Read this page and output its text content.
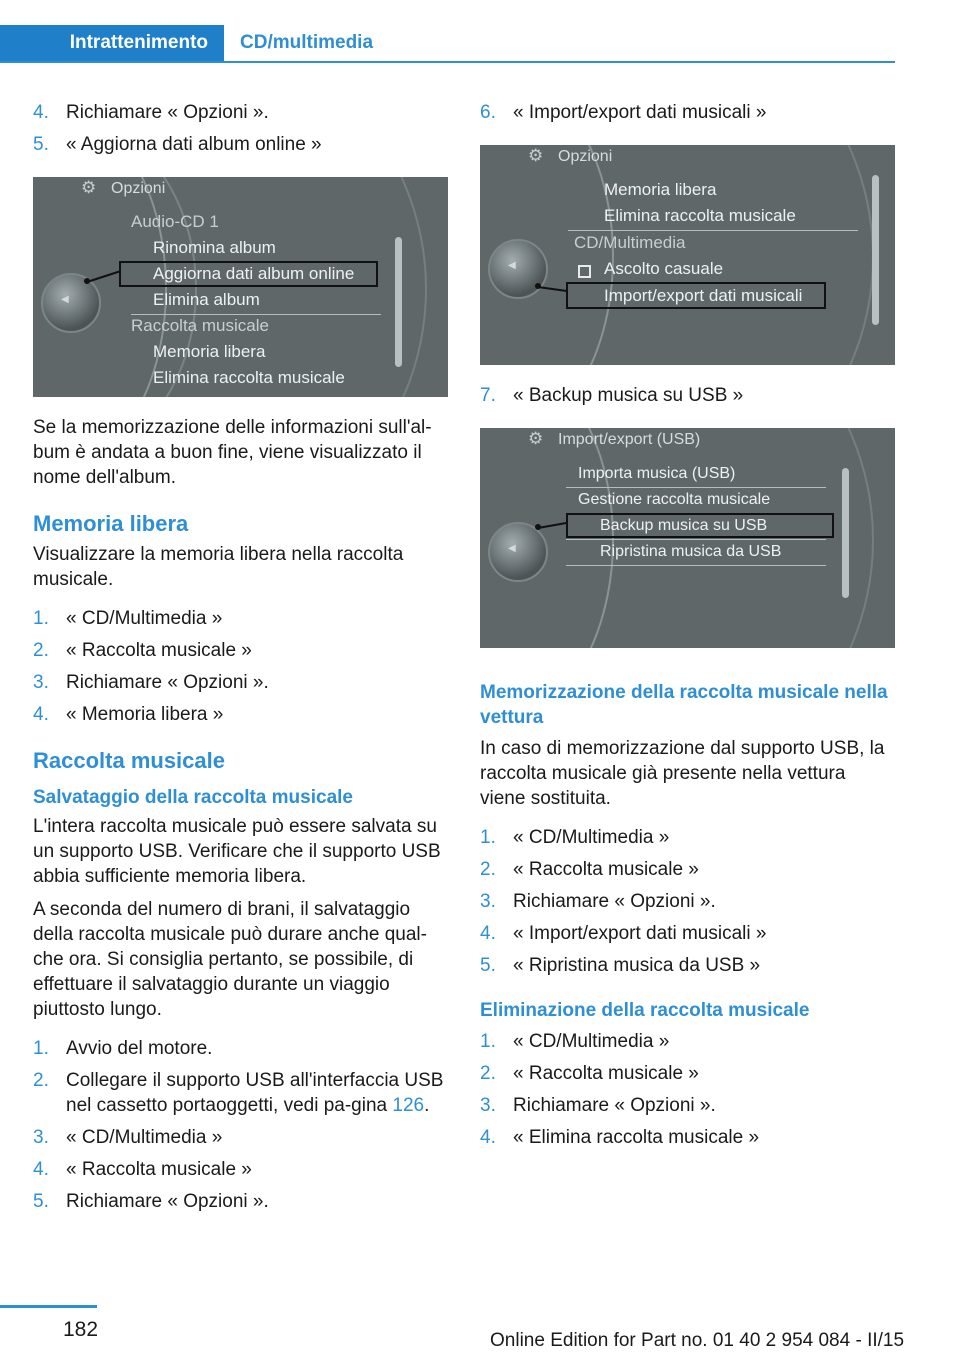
Intrattenimento	CD/multimedia
4. Richiamare « Opzioni ».
5. « Aggiorna dati album online »
⚙ Opzioni
Audio-CD 1
Rinomina album
Aggiorna dati album online
Elimina album
Raccolta musicale
Memoria libera
Elimina raccolta musicale
◀

Se la memorizzazione delle informazioni sull'al-bum è andata a buon fine, viene visualizzato il nome dell'album.

Memoria libera

Visualizzare la memoria libera nella raccolta musicale.

1. « CD/Multimedia »
2. « Raccolta musicale »
3. Richiamare « Opzioni ».
4. « Memoria libera »
Raccolta musicale
Salvataggio della raccolta musicale

L'intera raccolta musicale può essere salvata su un supporto USB. Verificare che il supporto USB abbia sufficiente memoria libera.

A seconda del numero di brani, il salvataggio della raccolta musicale può durare anche qual-che ora. Si consiglia pertanto, se possibile, di effettuare il salvataggio durante un viaggio piuttosto lungo.

1. Avvio del motore.
2. Collegare il supporto USB all'interfaccia USB nel cassetto portaoggetti, vedi pa-gina 126.
3. « CD/Multimedia »
4. « Raccolta musicale »
5. Richiamare « Opzioni ».
6. « Import/export dati musicali »
⚙ Opzioni
Memoria libera
Elimina raccolta musicale
CD/Multimedia
Ascolto casuale
Import/export dati musicali
◀
7. « Backup musica su USB »
⚙ Import/export (USB)
Importa musica (USB)
Gestione raccolta musicale
Backup musica su USB
Ripristina musica da USB
◀
Memorizzazione della raccolta musicale nella vettura

In caso di memorizzazione dal supporto USB, la raccolta musicale già presente nella vettura viene sostituita.

1. « CD/Multimedia »
2. « Raccolta musicale »
3. Richiamare « Opzioni ».
4. « Import/export dati musicali »
5. « Ripristina musica da USB »
Eliminazione della raccolta musicale
1. « CD/Multimedia »
2. « Raccolta musicale »
3. Richiamare « Opzioni ».
4. « Elimina raccolta musicale »
182	Online Edition for Part no. 01 40 2 954 084 - II/15
